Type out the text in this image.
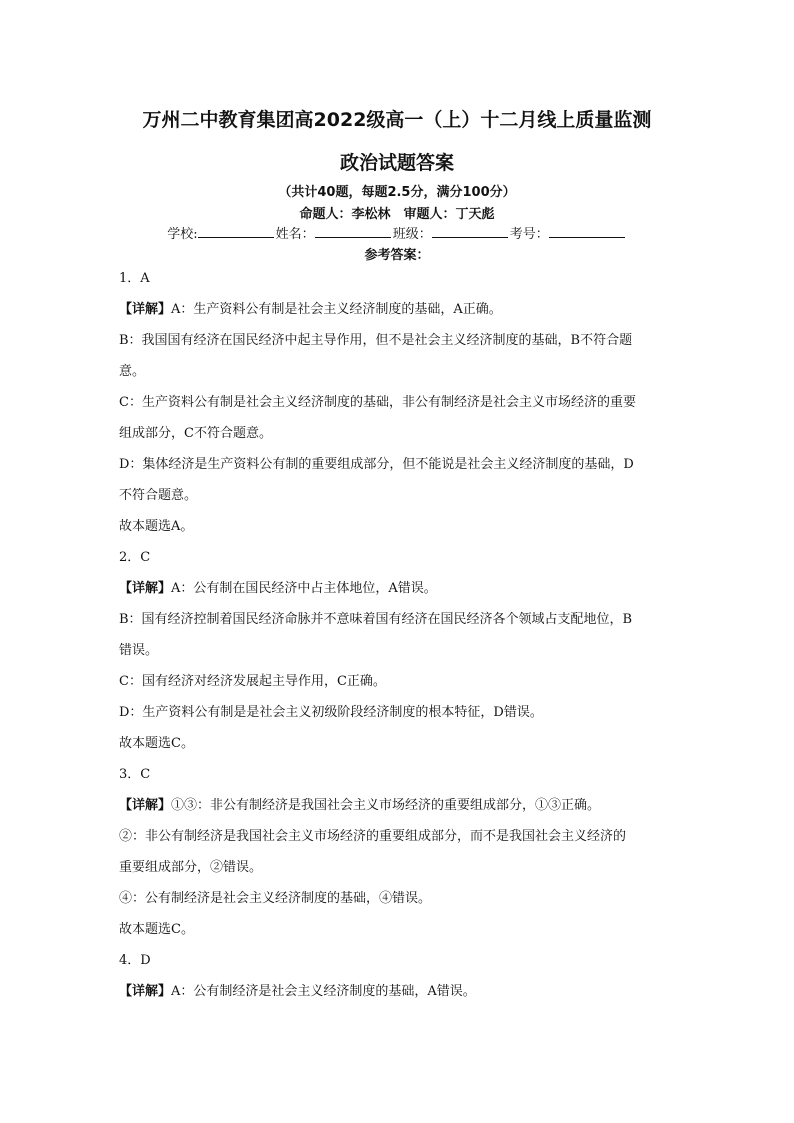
万州二中教育集团高2022级高一（上）十二月线上质量监测
政治试题答案
（共计40题，每题2.5分，满分100分）
命题人：李松林　审题人：丁天彪
学校:	姓名：	班级：	考号：
参考答案：
1．A
【详解】A：生产资料公有制是社会主义经济制度的基础，A正确。
B：我国国有经济在国民经济中起主导作用，但不是社会主义经济制度的基础，B不符合题
意。
C：生产资料公有制是社会主义经济制度的基础，非公有制经济是社会主义市场经济的重要
组成部分，C不符合题意。
D：集体经济是生产资料公有制的重要组成部分，但不能说是社会主义经济制度的基础，D
不符合题意。
故本题选A。
2．C
【详解】A：公有制在国民经济中占主体地位，A错误。
B：国有经济控制着国民经济命脉并不意味着国有经济在国民经济各个领域占支配地位，B
错误。
C：国有经济对经济发展起主导作用，C正确。
D：生产资料公有制是是社会主义初级阶段经济制度的根本特征，D错误。
故本题选C。
3．C
【详解】①③：非公有制经济是我国社会主义市场经济的重要组成部分，①③正确。
②：非公有制经济是我国社会主义市场经济的重要组成部分，而不是我国社会主义经济的
重要组成部分，②错误。
④：公有制经济是社会主义经济制度的基础，④错误。
故本题选C。
4．D
【详解】A：公有制经济是社会主义经济制度的基础，A错误。
